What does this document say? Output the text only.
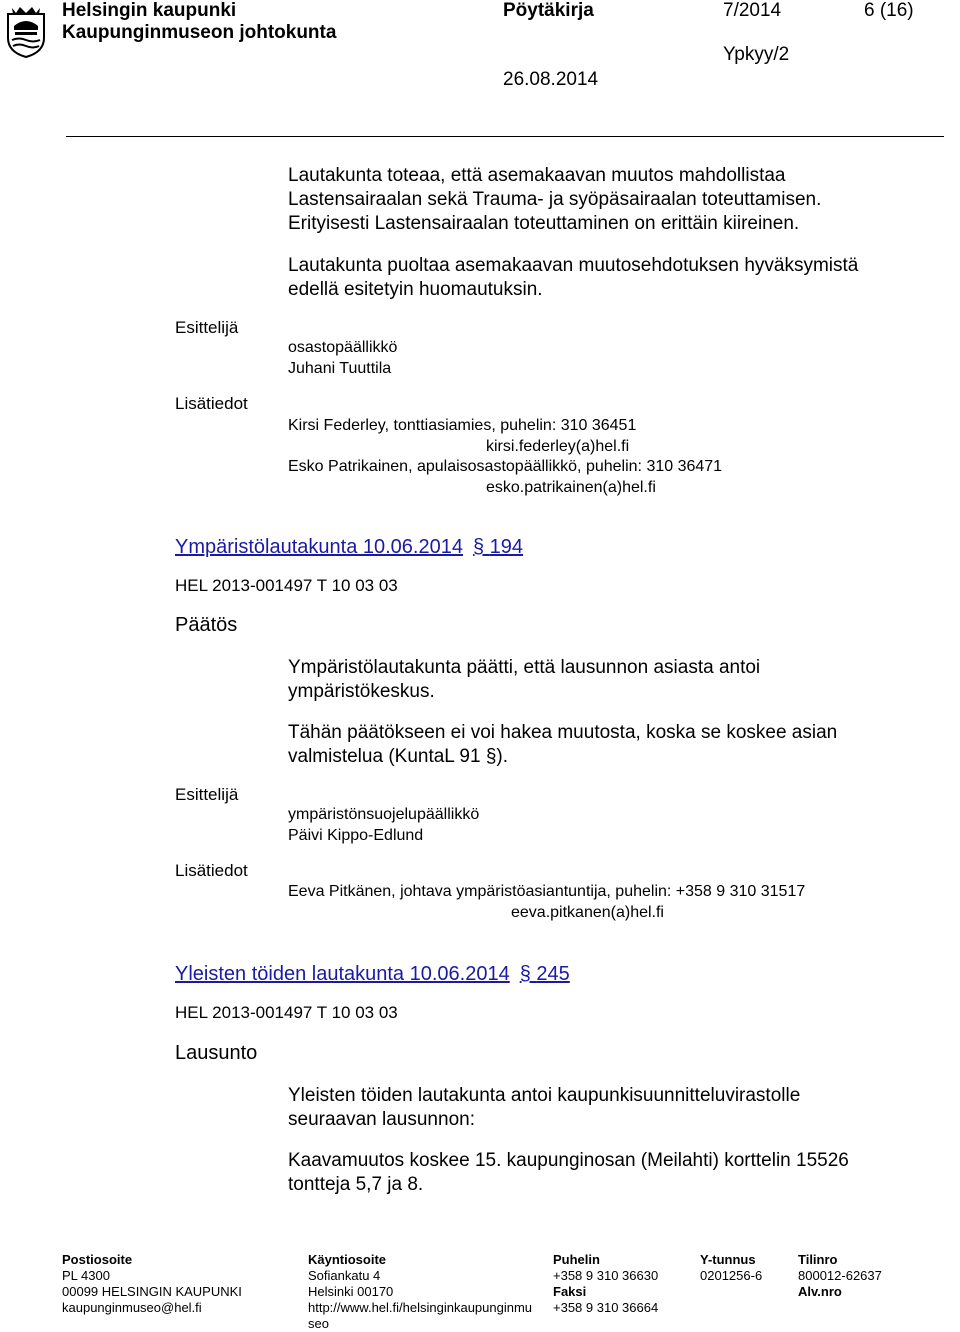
Helsingin kaupunki
Kaupunginmuseon johtokunta
Pöytäkirja	7/2014	6 (16)
Ypkyy/2
26.08.2014
Lautakunta toteaa, että asemakaavan muutos mahdollistaa
Lastensairaalan sekä Trauma- ja syöpäsairaalan toteuttamisen.
Erityisesti Lastensairaalan toteuttaminen on erittäin kiireinen.
Lautakunta puoltaa asemakaavan muutosehdotuksen hyväksymistä
edellä esitetyin huomautuksin.
Esittelijä
osastopäällikkö
Juhani Tuuttila
Lisätiedot
Kirsi Federley, tonttiasiamies, puhelin: 310 36451
kirsi.federley(a)hel.fi
Esko Patrikainen, apulaisosastopäällikkö, puhelin: 310 36471
esko.patrikainen(a)hel.fi
Ympäristölautakunta 10.06.2014 § 194
HEL 2013-001497 T 10 03 03
Päätös
Ympäristölautakunta päätti, että lausunnon asiasta antoi
ympäristökeskus.
Tähän päätökseen ei voi hakea muutosta, koska se koskee asian
valmistelua (KuntaL 91 §).
Esittelijä
ympäristönsuojelupäällikkö
Päivi Kippo-Edlund
Lisätiedot
Eeva Pitkänen, johtava ympäristöasiantuntija, puhelin: +358 9 310 31517
eeva.pitkanen(a)hel.fi
Yleisten töiden lautakunta 10.06.2014 § 245
HEL 2013-001497 T 10 03 03
Lausunto
Yleisten töiden lautakunta antoi kaupunkisuunnitteluvirastolle
seuraavan lausunnon:
Kaavamuutos koskee 15. kaupunginosan (Meilahti) korttelin 15526
tontteja 5,7 ja 8.
Postiosoite
PL 4300
00099 HELSINGIN KAUPUNKI
kaupunginmuseo@hel.fi
Käyntiosoite
Sofiankatu 4
Helsinki 00170
http://www.hel.fi/helsinginkaupunginmu
seo
Puhelin
+358 9 310 36630
Faksi
+358 9 310 36664
Y-tunnus
0201256-6
Tilinro
800012-62637
Alv.nro
